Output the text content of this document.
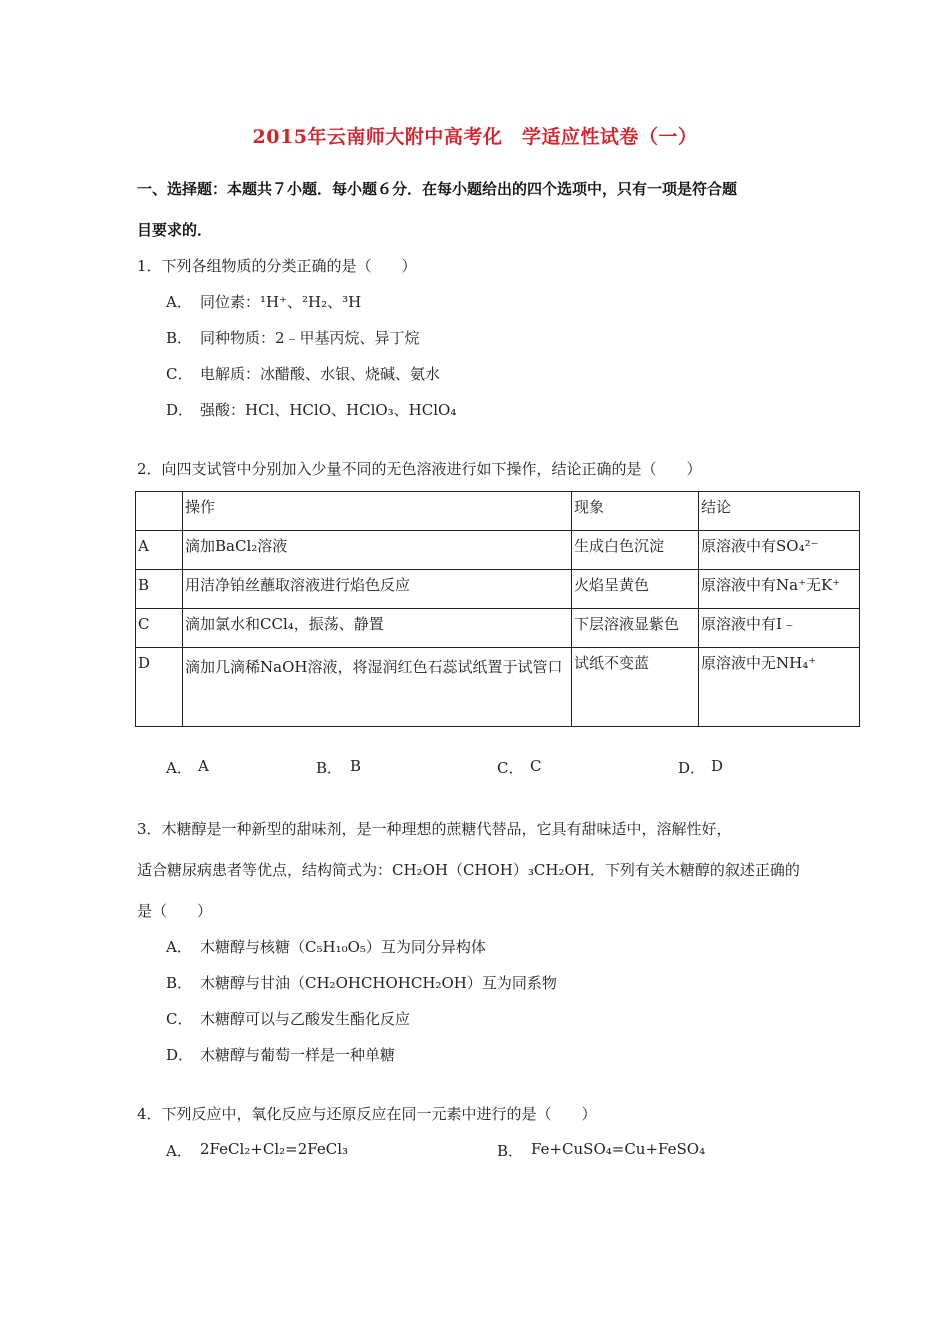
2015年云南师大附中高考化　学适应性试卷（一）
一、选择题：本题共７小题．每小题６分．在每小题给出的四个选项中，只有一项是符合题
目要求的．
1．下列各组物质的分类正确的是（　　）
A． 同位素：¹H⁺、²H₂、³H
B． 同种物质：2﹣甲基丙烷、异丁烷
C． 电解质：冰醋酸、水银、烧碱、氨水
D． 强酸：HCl、HClO、HClO₃、HClO₄
2．向四支试管中分别加入少量不同的无色溶液进行如下操作，结论正确的是（　　）
	操作	现象	结论
A	滴加BaCl₂溶液	生成白色沉淀	原溶液中有SO₄²⁻
B	用洁净铂丝蘸取溶液进行焰色反应	火焰呈黄色	原溶液中有Na⁺无K⁺
C	滴加氯水和CCl₄，振荡、静置	下层溶液显紫色	原溶液中有I﹣
D	滴加几滴稀NaOH溶液，将湿润红色石蕊试纸置于试管口	试纸不变蓝	原溶液中无NH₄⁺
A． A	B． B	C． C	D． D
3．木糖醇是一种新型的甜味剂，是一种理想的蔗糖代替品，它具有甜味适中，溶解性好，
适合糖尿病患者等优点，结构简式为：CH₂OH（CHOH）₃CH₂OH．下列有关木糖醇的叙述正确的
是（　　）
A． 木糖醇与核糖（C₅H₁₀O₅）互为同分异构体
B． 木糖醇与甘油（CH₂OHCHOHCH₂OH）互为同系物
C． 木糖醇可以与乙酸发生酯化反应
D． 木糖醇与葡萄一样是一种单糖
4．下列反应中，氧化反应与还原反应在同一元素中进行的是（　　）
A． 2FeCl₂+Cl₂=2FeCl₃	B． Fe+CuSO₄=Cu+FeSO₄
